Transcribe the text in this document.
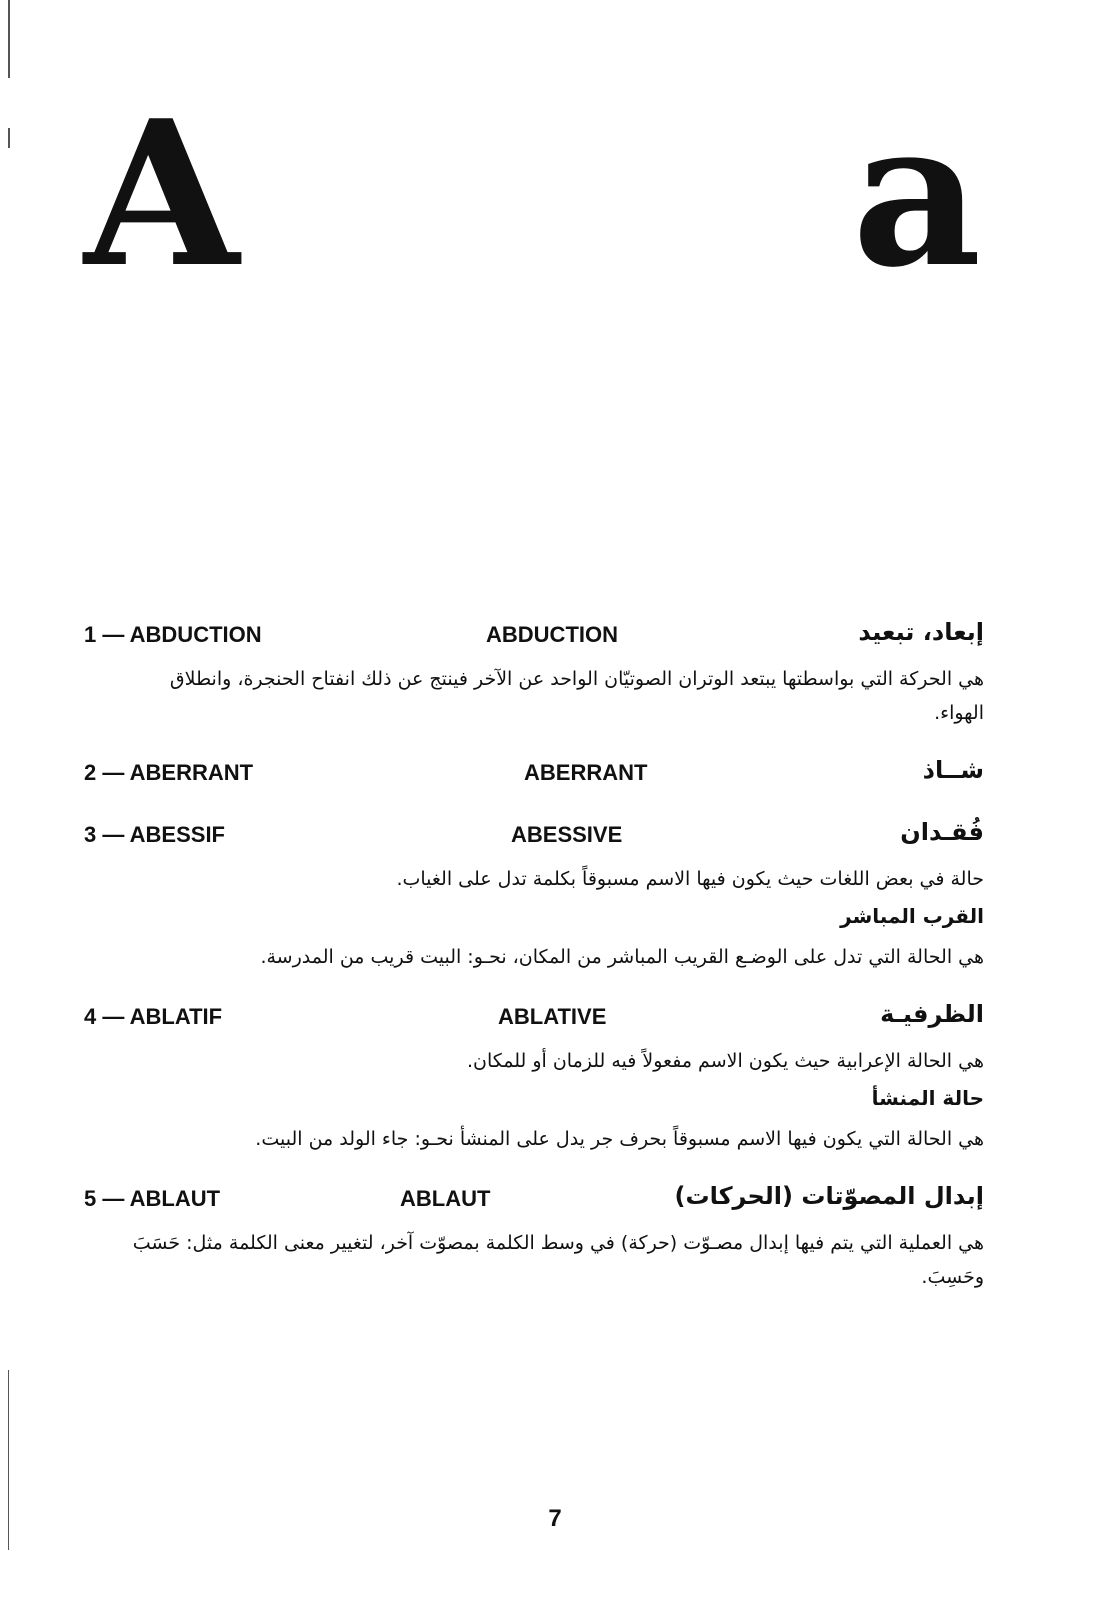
A	a
1 — ABDUCTION	ABDUCTION	إبعاد، تبعيد
هي الحركة التي بواسطتها يبتعد الوتران الصوتيّان الواحد عن الآخر فينتج عن ذلك انفتاح الحنجرة، وانطلاق الهواء.
2 — ABERRANT	ABERRANT	شــاذ
3 — ABESSIF	ABESSIVE	فُقـدان
حالة في بعض اللغات حيث يكون فيها الاسم مسبوقاً بكلمة تدل على الغياب.
القرب المباشر
هي الحالة التي تدل على الوضـع القريب المباشر من المكان، نحـو: البيت قريب من المدرسة.
4 — ABLATIF	ABLATIVE	الظرفيـة
هي الحالة الإعرابية حيث يكون الاسم مفعولاً فيه للزمان أو للمكان.
حالة المنشأ
هي الحالة التي يكون فيها الاسم مسبوقاً بحرف جر يدل على المنشأ نحـو: جاء الولد من البيت.
5 — ABLAUT	ABLAUT	إبدال المصوّتات (الحركات)
هي العملية التي يتم فيها إبدال مصـوّت (حركة) في وسط الكلمة بمصوّت آخر، لتغيير معنى الكلمة مثل: حَسَبَ وحَسِبَ.
7
